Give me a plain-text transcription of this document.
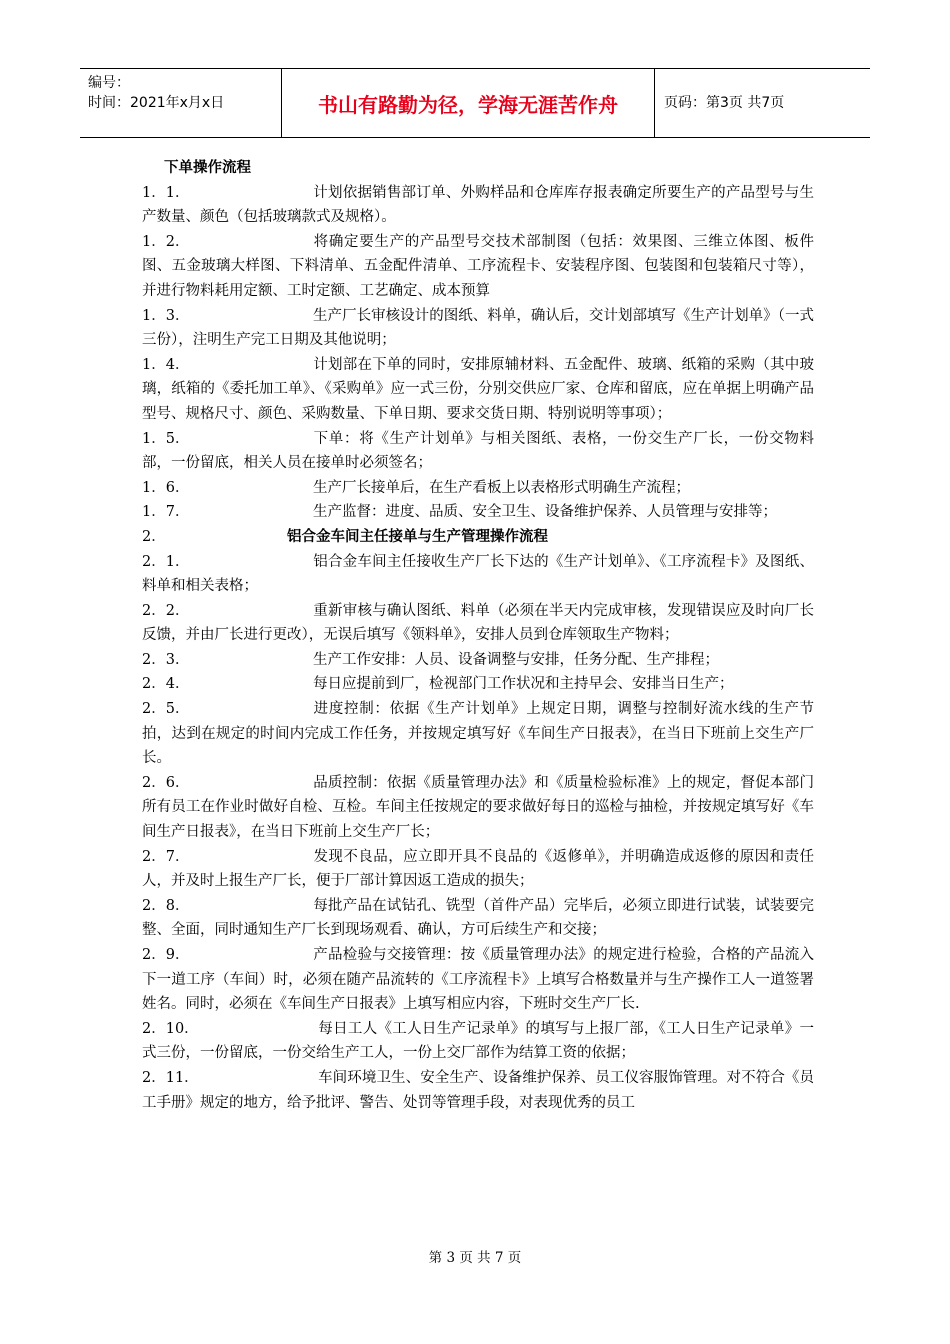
编号：
时间：2021年x月x日	书山有路勤为径，学海无涯苦作舟	页码：第3页 共7页

下单操作流程

1．1．	计划依据销售部订单、外购样品和仓库库存报表确定所要生产的产品型号与生产数量、颜色（包括玻璃款式及规格）。

1．2．	将确定要生产的产品型号交技术部制图（包括：效果图、三维立体图、板件图、五金玻璃大样图、下料清单、五金配件清单、工序流程卡、安装程序图、包装图和包装箱尺寸等），并进行物料耗用定额、工时定额、工艺确定、成本预算

1．3．	生产厂长审核设计的图纸、料单，确认后，交计划部填写《生产计划单》（一式三份），注明生产完工日期及其他说明；

1．4．	计划部在下单的同时，安排原辅材料、五金配件、玻璃、纸箱的采购（其中玻璃，纸箱的《委托加工单》、《采购单》应一式三份，分别交供应厂家、仓库和留底，应在单据上明确产品型号、规格尺寸、颜色、采购数量、下单日期、要求交货日期、特别说明等事项）；

1．5．	下单：将《生产计划单》与相关图纸、表格，一份交生产厂长，一份交物料部，一份留底，相关人员在接单时必须签名；

1．6．	生产厂长接单后，在生产看板上以表格形式明确生产流程；

1．7．	生产监督：进度、品质、安全卫生、设备维护保养、人员管理与安排等；

2．	铝合金车间主任接单与生产管理操作流程

2．1．	铝合金车间主任接收生产厂长下达的《生产计划单》、《工序流程卡》及图纸、料单和相关表格；

2．2．	重新审核与确认图纸、料单（必须在半天内完成审核，发现错误应及时向厂长反馈，并由厂长进行更改），无误后填写《领料单》，安排人员到仓库领取生产物料；

2．3．	生产工作安排：人员、设备调整与安排，任务分配、生产排程；

2．4．	每日应提前到厂，检视部门工作状况和主持早会、安排当日生产；

2．5．	进度控制：依据《生产计划单》上规定日期，调整与控制好流水线的生产节拍，达到在规定的时间内完成工作任务，并按规定填写好《车间生产日报表》，在当日下班前上交生产厂长。

2．6．	品质控制：依据《质量管理办法》和《质量检验标准》上的规定，督促本部门所有员工在作业时做好自检、互检。车间主任按规定的要求做好每日的巡检与抽检，并按规定填写好《车间生产日报表》，在当日下班前上交生产厂长；

2．7．	发现不良品，应立即开具不良品的《返修单》，并明确造成返修的原因和责任人，并及时上报生产厂长，便于厂部计算因返工造成的损失；

2．8．	每批产品在试钻孔、铣型（首件产品）完毕后，必须立即进行试装，试装要完整、全面，同时通知生产厂长到现场观看、确认，方可后续生产和交接；

2．9．	产品检验与交接管理：按《质量管理办法》的规定进行检验，合格的产品流入下一道工序（车间）时，必须在随产品流转的《工序流程卡》上填写合格数量并与生产操作工人一道签署姓名。同时，必须在《车间生产日报表》上填写相应内容，下班时交生产厂长.

2．10．	每日工人《工人日生产记录单》的填写与上报厂部，《工人日生产记录单》一式三份，一份留底，一份交给生产工人，一份上交厂部作为结算工资的依据；

2．11．	车间环境卫生、安全生产、设备维护保养、员工仪容服饰管理。对不符合《员工手册》规定的地方，给予批评、警告、处罚等管理手段，对表现优秀的员工

第 3 页 共 7 页
